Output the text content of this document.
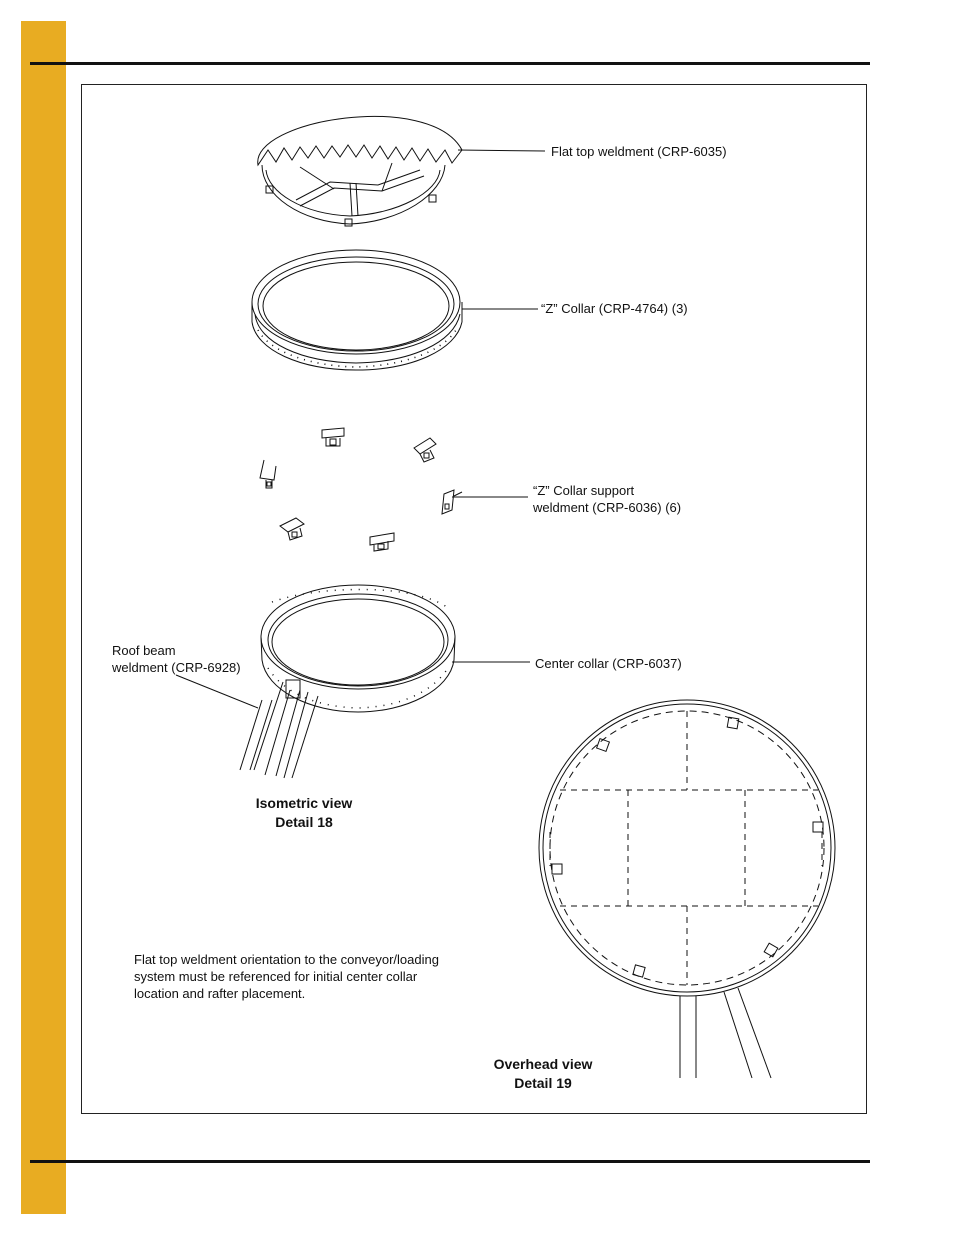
Flat top weldment (CRP-6035)
“Z” Collar (CRP-4764) (3)
“Z” Collar support
weldment (CRP-6036) (6)
Roof beam
weldment (CRP-6928)	Center collar (CRP-6037)
Isometric view
Detail 18
Flat top weldment orientation to the conveyor/loading
system must be referenced for initial center collar
location and rafter placement.
Overhead view
Detail 19
